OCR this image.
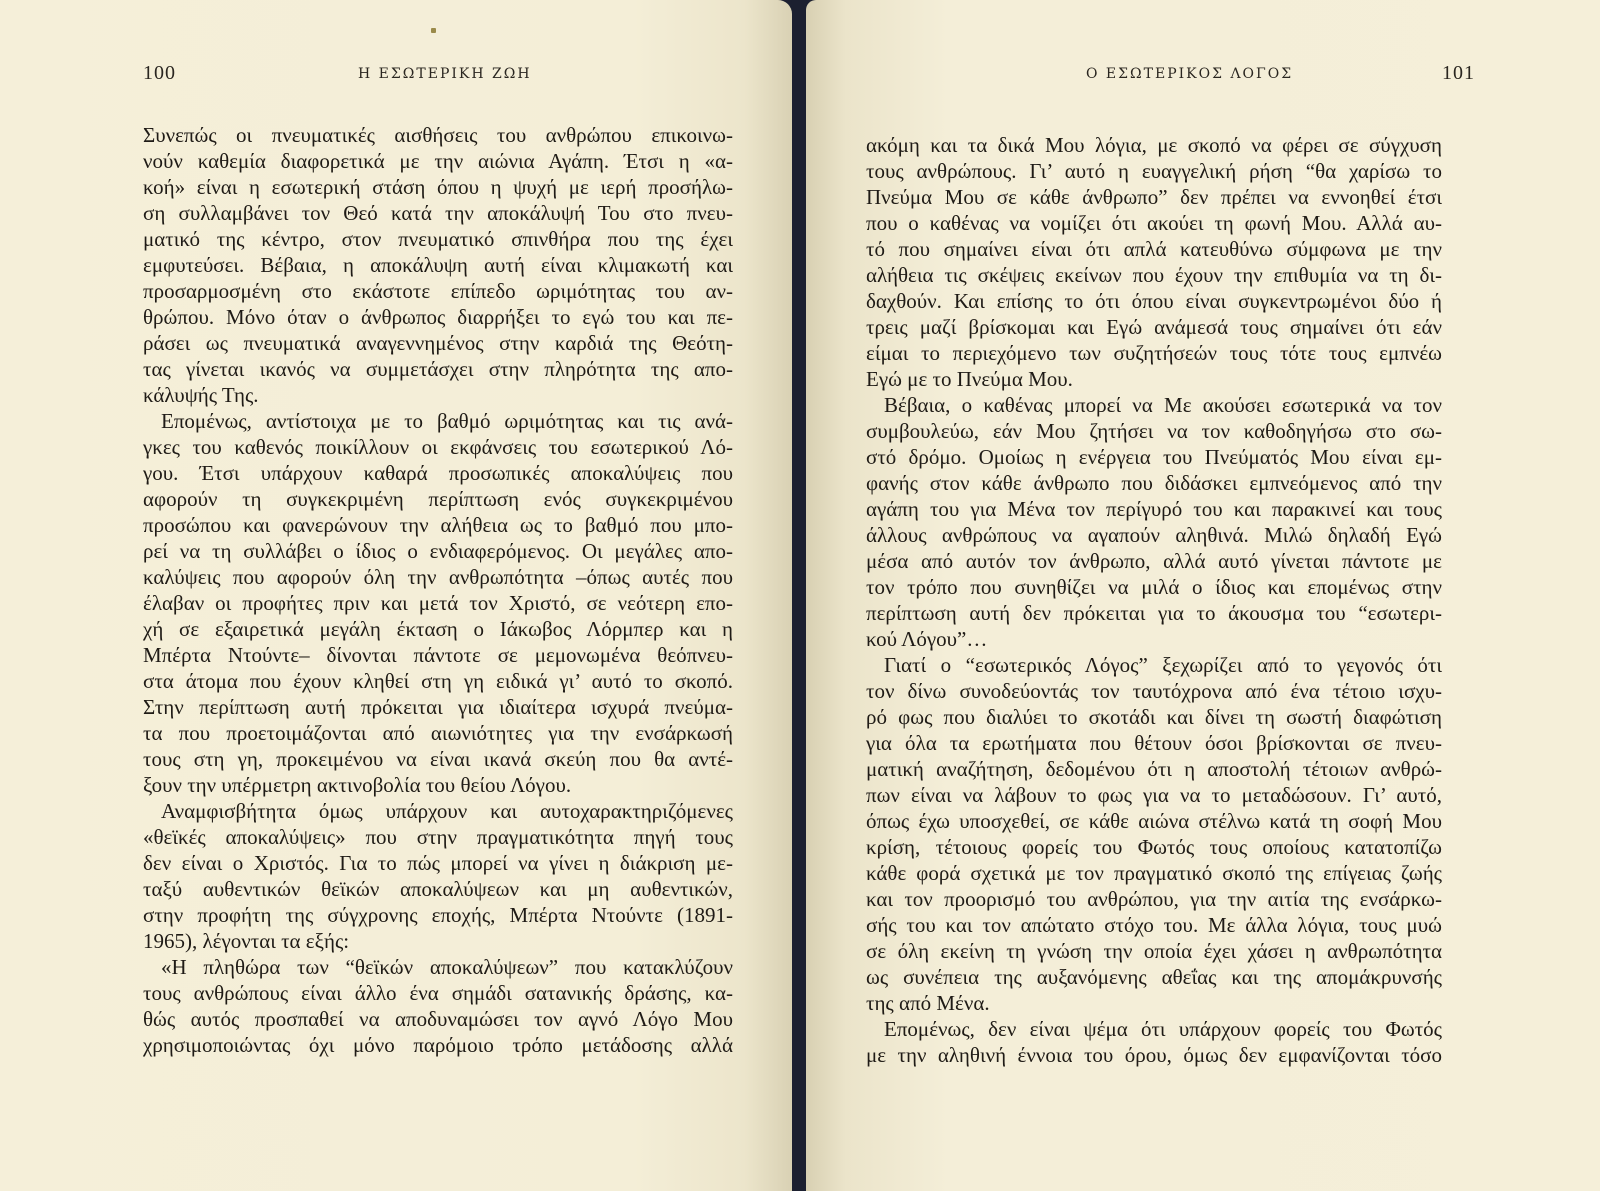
100	Η ΕΣΩΤΕΡΙΚΗ ΖΩΗ
Συνεπώς οι πνευματικές αισθήσεις του ανθρώπου επικοινω-
νούν καθεμία διαφορετικά με την αιώνια Αγάπη. Έτσι η «α-
κοή» είναι η εσωτερική στάση όπου η ψυχή με ιερή προσήλω-
ση συλλαμβάνει τον Θεό κατά την αποκάλυψή Του στο πνευ-
ματικό της κέντρο, στον πνευματικό σπινθήρα που της έχει
εμφυτεύσει. Βέβαια, η αποκάλυψη αυτή είναι κλιμακωτή και
προσαρμοσμένη στο εκάστοτε επίπεδο ωριμότητας του αν-
θρώπου. Μόνο όταν ο άνθρωπος διαρρήξει το εγώ του και πε-
ράσει ως πνευματικά αναγεννημένος στην καρδιά της Θεότη-
τας γίνεται ικανός να συμμετάσχει στην πληρότητα της απο-
κάλυψής Της.
Επομένως, αντίστοιχα με το βαθμό ωριμότητας και τις ανά-
γκες του καθενός ποικίλλουν οι εκφάνσεις του εσωτερικού Λό-
γου. Έτσι υπάρχουν καθαρά προσωπικές αποκαλύψεις που
αφορούν τη συγκεκριμένη περίπτωση ενός συγκεκριμένου
προσώπου και φανερώνουν την αλήθεια ως το βαθμό που μπο-
ρεί να τη συλλάβει ο ίδιος ο ενδιαφερόμενος. Οι μεγάλες απο-
καλύψεις που αφορούν όλη την ανθρωπότητα –όπως αυτές που
έλαβαν οι προφήτες πριν και μετά τον Χριστό, σε νεότερη επο-
χή σε εξαιρετικά μεγάλη έκταση ο Ιάκωβος Λόρμπερ και η
Μπέρτα Ντούντε– δίνονται πάντοτε σε μεμονωμένα θεόπνευ-
στα άτομα που έχουν κληθεί στη γη ειδικά γι’ αυτό το σκοπό.
Στην περίπτωση αυτή πρόκειται για ιδιαίτερα ισχυρά πνεύμα-
τα που προετοιμάζονται από αιωνιότητες για την ενσάρκωσή
τους στη γη, προκειμένου να είναι ικανά σκεύη που θα αντέ-
ξουν την υπέρμετρη ακτινοβολία του θείου Λόγου.
Αναμφισβήτητα όμως υπάρχουν και αυτοχαρακτηριζόμενες
«θεϊκές αποκαλύψεις» που στην πραγματικότητα πηγή τους
δεν είναι ο Χριστός. Για το πώς μπορεί να γίνει η διάκριση με-
ταξύ αυθεντικών θεϊκών αποκαλύψεων και μη αυθεντικών,
στην προφήτη της σύγχρονης εποχής, Μπέρτα Ντούντε (1891-
1965), λέγονται τα εξής:
«Η πληθώρα των “θεϊκών αποκαλύψεων” που κατακλύζουν
τους ανθρώπους είναι άλλο ένα σημάδι σατανικής δράσης, κα-
θώς αυτός προσπαθεί να αποδυναμώσει τον αγνό Λόγο Μου
χρησιμοποιώντας όχι μόνο παρόμοιο τρόπο μετάδοσης αλλά
Ο ΕΣΩΤΕΡΙΚΟΣ ΛΟΓΟΣ	101
ακόμη και τα δικά Μου λόγια, με σκοπό να φέρει σε σύγχυση
τους ανθρώπους. Γι’ αυτό η ευαγγελική ρήση “θα χαρίσω το
Πνεύμα Μου σε κάθε άνθρωπο” δεν πρέπει να εννοηθεί έτσι
που ο καθένας να νομίζει ότι ακούει τη φωνή Μου. Αλλά αυ-
τό που σημαίνει είναι ότι απλά κατευθύνω σύμφωνα με την
αλήθεια τις σκέψεις εκείνων που έχουν την επιθυμία να τη δι-
δαχθούν. Και επίσης το ότι όπου είναι συγκεντρωμένοι δύο ή
τρεις μαζί βρίσκομαι και Εγώ ανάμεσά τους σημαίνει ότι εάν
είμαι το περιεχόμενο των συζητήσεών τους τότε τους εμπνέω
Εγώ με το Πνεύμα Μου.
Βέβαια, ο καθένας μπορεί να Με ακούσει εσωτερικά να τον
συμβουλεύω, εάν Μου ζητήσει να τον καθοδηγήσω στο σω-
στό δρόμο. Ομοίως η ενέργεια του Πνεύματός Μου είναι εμ-
φανής στον κάθε άνθρωπο που διδάσκει εμπνεόμενος από την
αγάπη του για Μένα τον περίγυρό του και παρακινεί και τους
άλλους ανθρώπους να αγαπούν αληθινά. Μιλώ δηλαδή Εγώ
μέσα από αυτόν τον άνθρωπο, αλλά αυτό γίνεται πάντοτε με
τον τρόπο που συνηθίζει να μιλά ο ίδιος και επομένως στην
περίπτωση αυτή δεν πρόκειται για το άκουσμα του “εσωτερι-
κού Λόγου”…
Γιατί ο “εσωτερικός Λόγος” ξεχωρίζει από το γεγονός ότι
τον δίνω συνοδεύοντάς τον ταυτόχρονα από ένα τέτοιο ισχυ-
ρό φως που διαλύει το σκοτάδι και δίνει τη σωστή διαφώτιση
για όλα τα ερωτήματα που θέτουν όσοι βρίσκονται σε πνευ-
ματική αναζήτηση, δεδομένου ότι η αποστολή τέτοιων ανθρώ-
πων είναι να λάβουν το φως για να το μεταδώσουν. Γι’ αυτό,
όπως έχω υποσχεθεί, σε κάθε αιώνα στέλνω κατά τη σοφή Μου
κρίση, τέτοιους φορείς του Φωτός τους οποίους κατατοπίζω
κάθε φορά σχετικά με τον πραγματικό σκοπό της επίγειας ζωής
και τον προορισμό του ανθρώπου, για την αιτία της ενσάρκω-
σής του και τον απώτατο στόχο του. Με άλλα λόγια, τους μυώ
σε όλη εκείνη τη γνώση την οποία έχει χάσει η ανθρωπότητα
ως συνέπεια της αυξανόμενης αθεΐας και της απομάκρυνσής
της από Μένα.
Επομένως, δεν είναι ψέμα ότι υπάρχουν φορείς του Φωτός
με την αληθινή έννοια του όρου, όμως δεν εμφανίζονται τόσο
